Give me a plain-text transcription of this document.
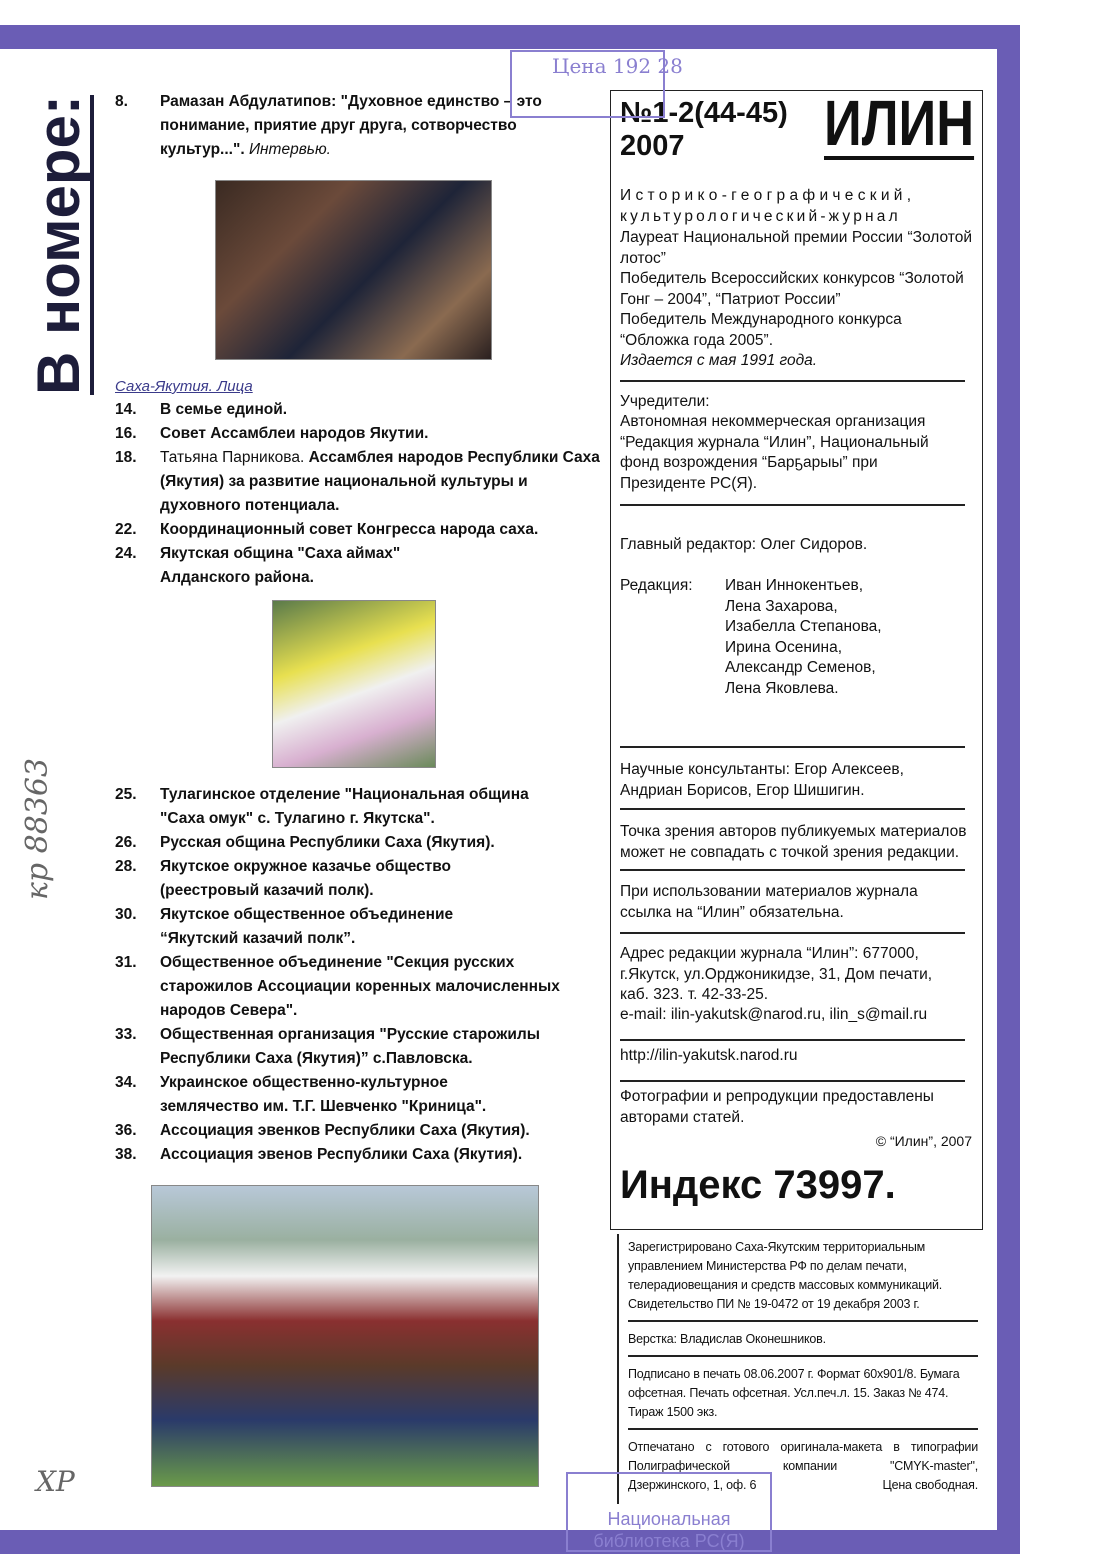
В номере: 8.	Рамазан Абдулатипов: "Духовное единство – это понимание, приятие друг друга, сотворчество культур...". Интервью.
Саха-Якутия. Лица
14.	В семье единой.
16.	Совет Ассамблеи народов Якутии.
18.	Татьяна Парникова. Ассамблея народов Республики Саха (Якутия) за развитие национальной культуры и духовного потенциала.
22.	Координационный совет Конгресса народа саха.
24.	Якутская община "Саха аймах" Алданского района.
25.	Тулагинское отделение "Национальная община "Саха омук" с. Тулагино г. Якутска".
26.	Русская община Республики Саха (Якутия).
28.	Якутское окружное казачье общество (реестровый казачий полк).
30.	Якутское общественное объединение “Якутский казачий полк”.
31.	Общественное объединение "Секция русских старожилов Ассоциации коренных малочисленных народов Севера".
33.	Общественная организация "Русские старожилы Республики Саха (Якутия)” с.Павловска.
34.	Украинское общественно-культурное землячество им. Т.Г. Шевченко "Криница".
36.	Ассоциация эвенков Республики Саха (Якутия).
38.	Ассоциация эвенов Республики Саха (Якутия).
№1-2(44-45)
2007	ИЛИН
Историко-географический,
культурологический-журнал
Лауреат Национальной премии России “Золотой лотос”
Победитель Всероссийских конкурсов “Золотой Гонг – 2004”, “Патриот России”
Победитель Международного конкурса “Обложка года 2005”.
Издается с мая 1991 года.
Учредители:
Автономная некоммерческая организация “Редакция журнала “Илин”, Национальный фонд возрождения “Барҕарыы” при Президенте РС(Я).
Главный редактор: Олег Сидоров.
Редакция:	Иван Иннокентьев,
Лена Захарова,
Изабелла Степанова,
Ирина Осенина,
Александр Семенов,
Лена Яковлева.
Научные консультанты: Егор Алексеев, Андриан Борисов, Егор Шишигин.
Точка зрения авторов публикуемых материалов может не совпадать с точкой зрения редакции.
При использовании материалов журнала ссылка на “Илин” обязательна.
Адрес редакции журнала “Илин”: 677000, г.Якутск, ул.Орджоникидзе, 31, Дом печати, каб. 323. т. 42-33-25.
e-mail: ilin-yakutsk@narod.ru, ilin_s@mail.ru
http://ilin-yakutsk.narod.ru
Фотографии и репродукции предоставлены авторами статей.
© “Илин”, 2007
Индекс 73997.
Зарегистрировано Саха-Якутским территориальным управлением Министерства РФ по делам печати, телерадиовещания и средств массовых коммуникаций. Свидетельство ПИ № 19-0472 от 19 декабря 2003 г.
Верстка: Владислав Оконешников.
Подписано в печать 08.06.2007 г. Формат 60x901/8. Бумага офсетная. Печать офсетная. Усл.печ.л. 15. Заказ № 474. Тираж 1500 экз.
Отпечатано с готового оригинала-макета в типографии Полиграфической компании "CMYK-master",
Дзержинского, 1, оф. 6	Цена свободная.
Цена 192 28
Национальная библиотека РС(Я)
кр 88363
ХР
